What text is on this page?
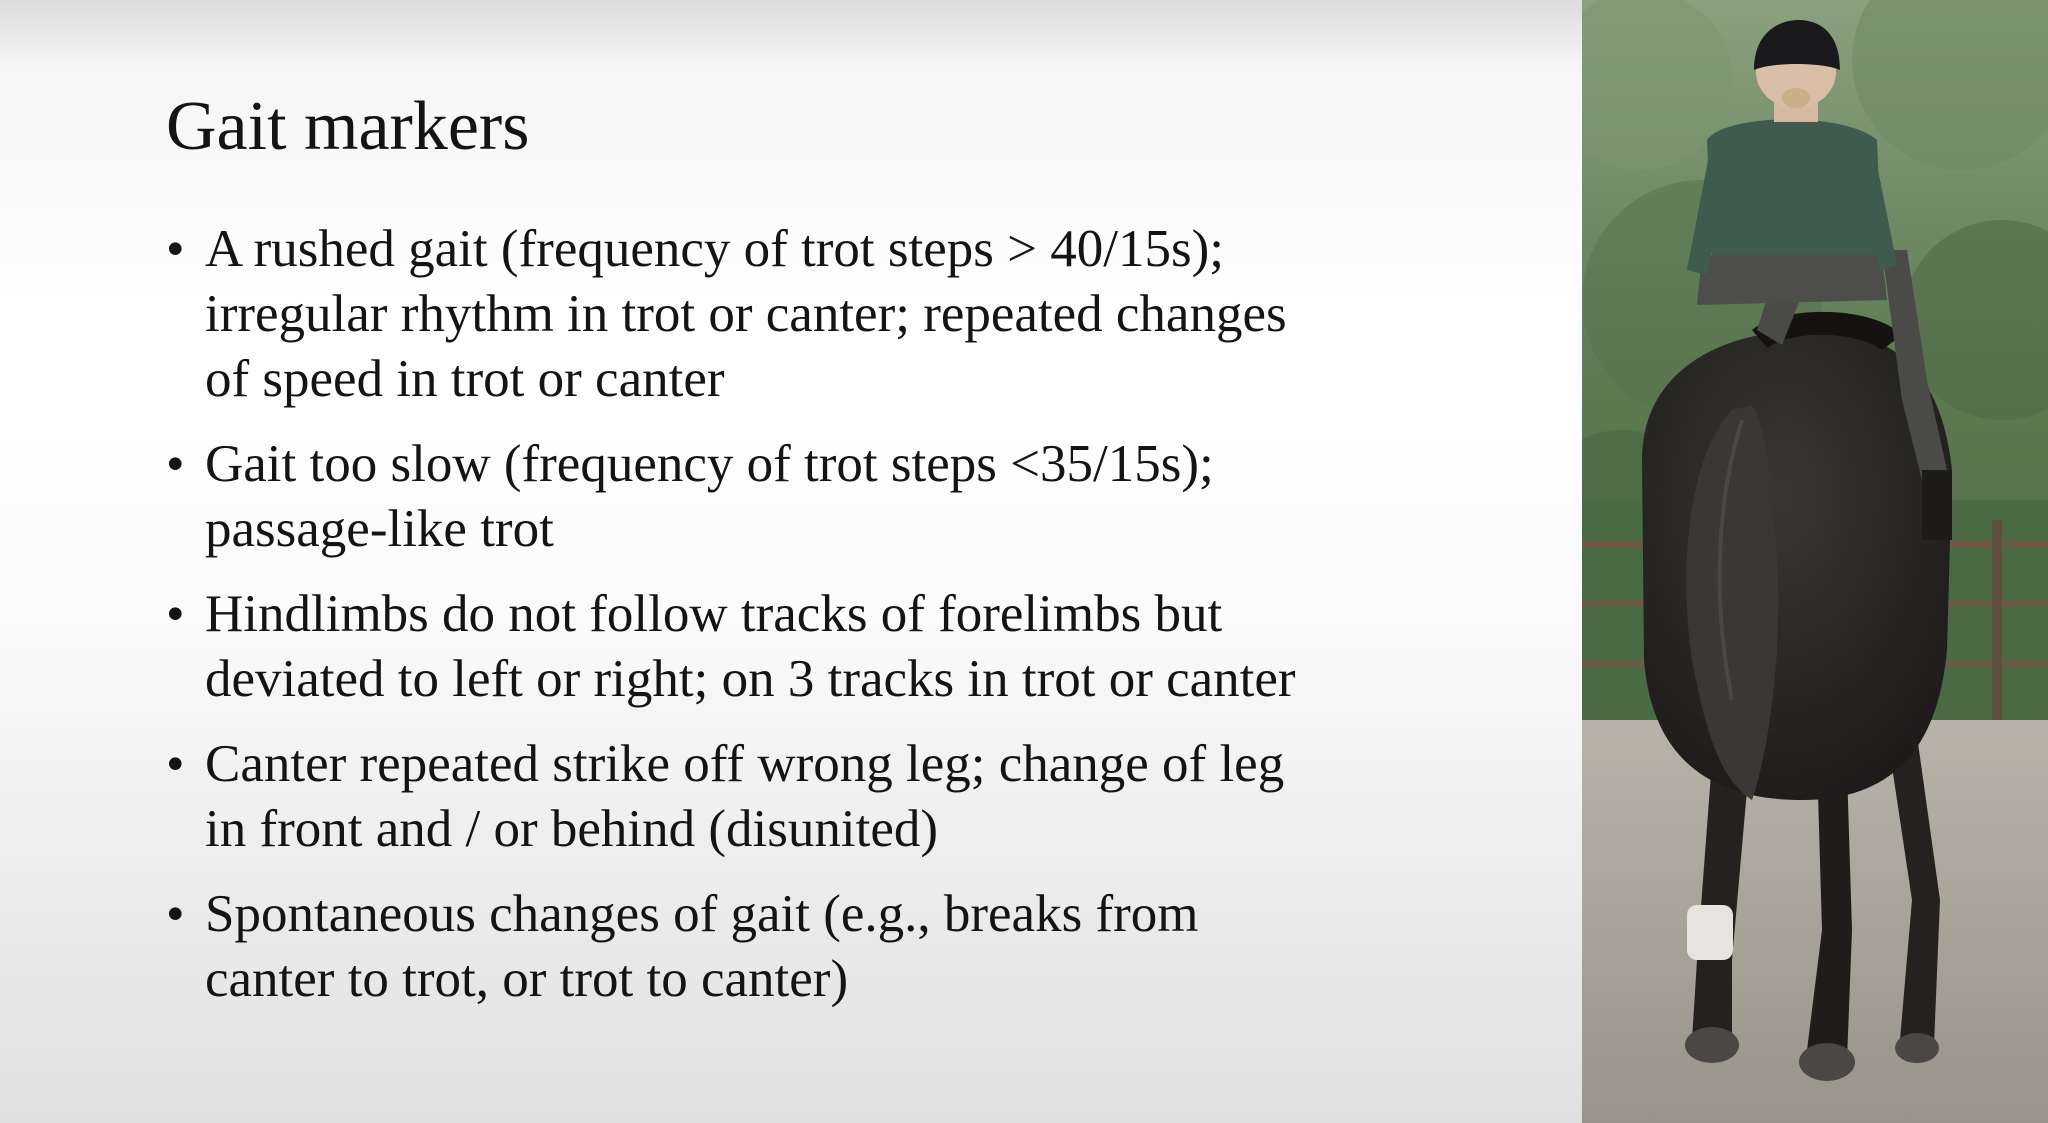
Gait markers
• A rushed gait (frequency of trot steps > 40/15s);
irregular rhythm in trot or canter; repeated changes
of speed in trot or canter
• Gait too slow (frequency of trot steps <35/15s);
passage-like trot
• Hindlimbs do not follow tracks of forelimbs but
deviated to left or right; on 3 tracks in trot or canter
• Canter repeated strike off wrong leg; change of leg
in front and / or behind (disunited)
• Spontaneous changes of gait (e.g., breaks from
canter to trot, or trot to canter)
